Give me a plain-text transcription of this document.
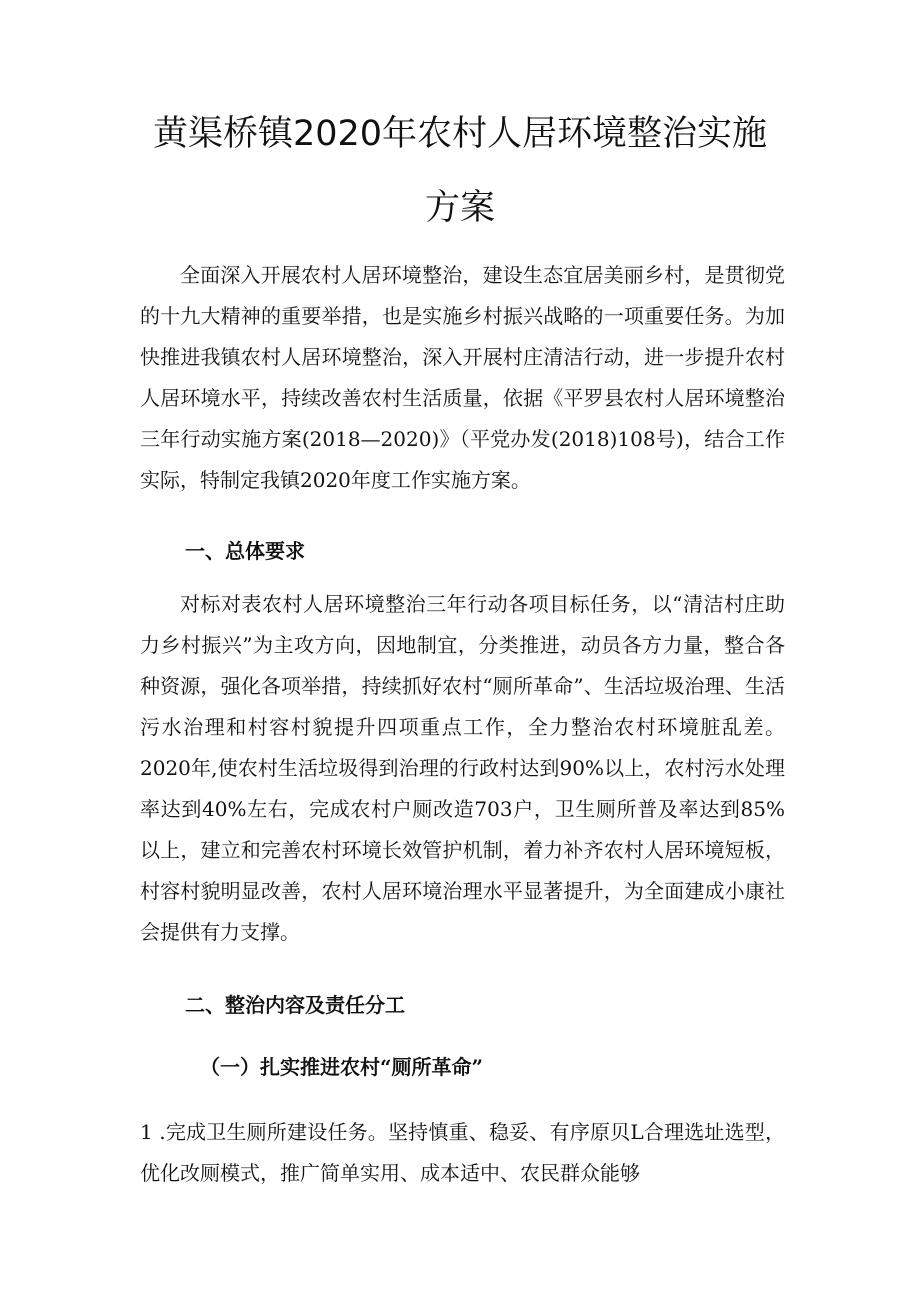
黄渠桥镇2020年农村人居环境整治实施
方案

全面深入开展农村人居环境整治，建设生态宜居美丽乡村，是贯彻党的十九大精神的重要举措，也是实施乡村振兴战略的一项重要任务。为加快推进我镇农村人居环境整治，深入开展村庄清洁行动，进一步提升农村人居环境水平，持续改善农村生活质量，依据《平罗县农村人居环境整治三年行动实施方案(2018—2020)》（平党办发(2018)108号)，结合工作实际，特制定我镇2020年度工作实施方案。

一、总体要求

对标对表农村人居环境整治三年行动各项目标任务，以“清洁村庄助力乡村振兴”为主攻方向，因地制宜，分类推进，动员各方力量，整合各种资源，强化各项举措，持续抓好农村“厕所革命”、生活垃圾治理、生活污水治理和村容村貌提升四项重点工作，全力整治农村环境脏乱差。2020年,使农村生活垃圾得到治理的行政村达到90%以上，农村污水处理率达到40%左右，完成农村户厕改造703户，卫生厕所普及率达到85%以上，建立和完善农村环境长效管护机制，着力补齐农村人居环境短板，村容村貌明显改善，农村人居环境治理水平显著提升，为全面建成小康社会提供有力支撑。

二、整治内容及责任分工
（一）扎实推进农村“厕所革命”

1 .完成卫生厕所建设任务。坚持慎重、稳妥、有序原贝L合理选址选型，优化改厕模式，推广简单实用、成本适中、农民群众能够
